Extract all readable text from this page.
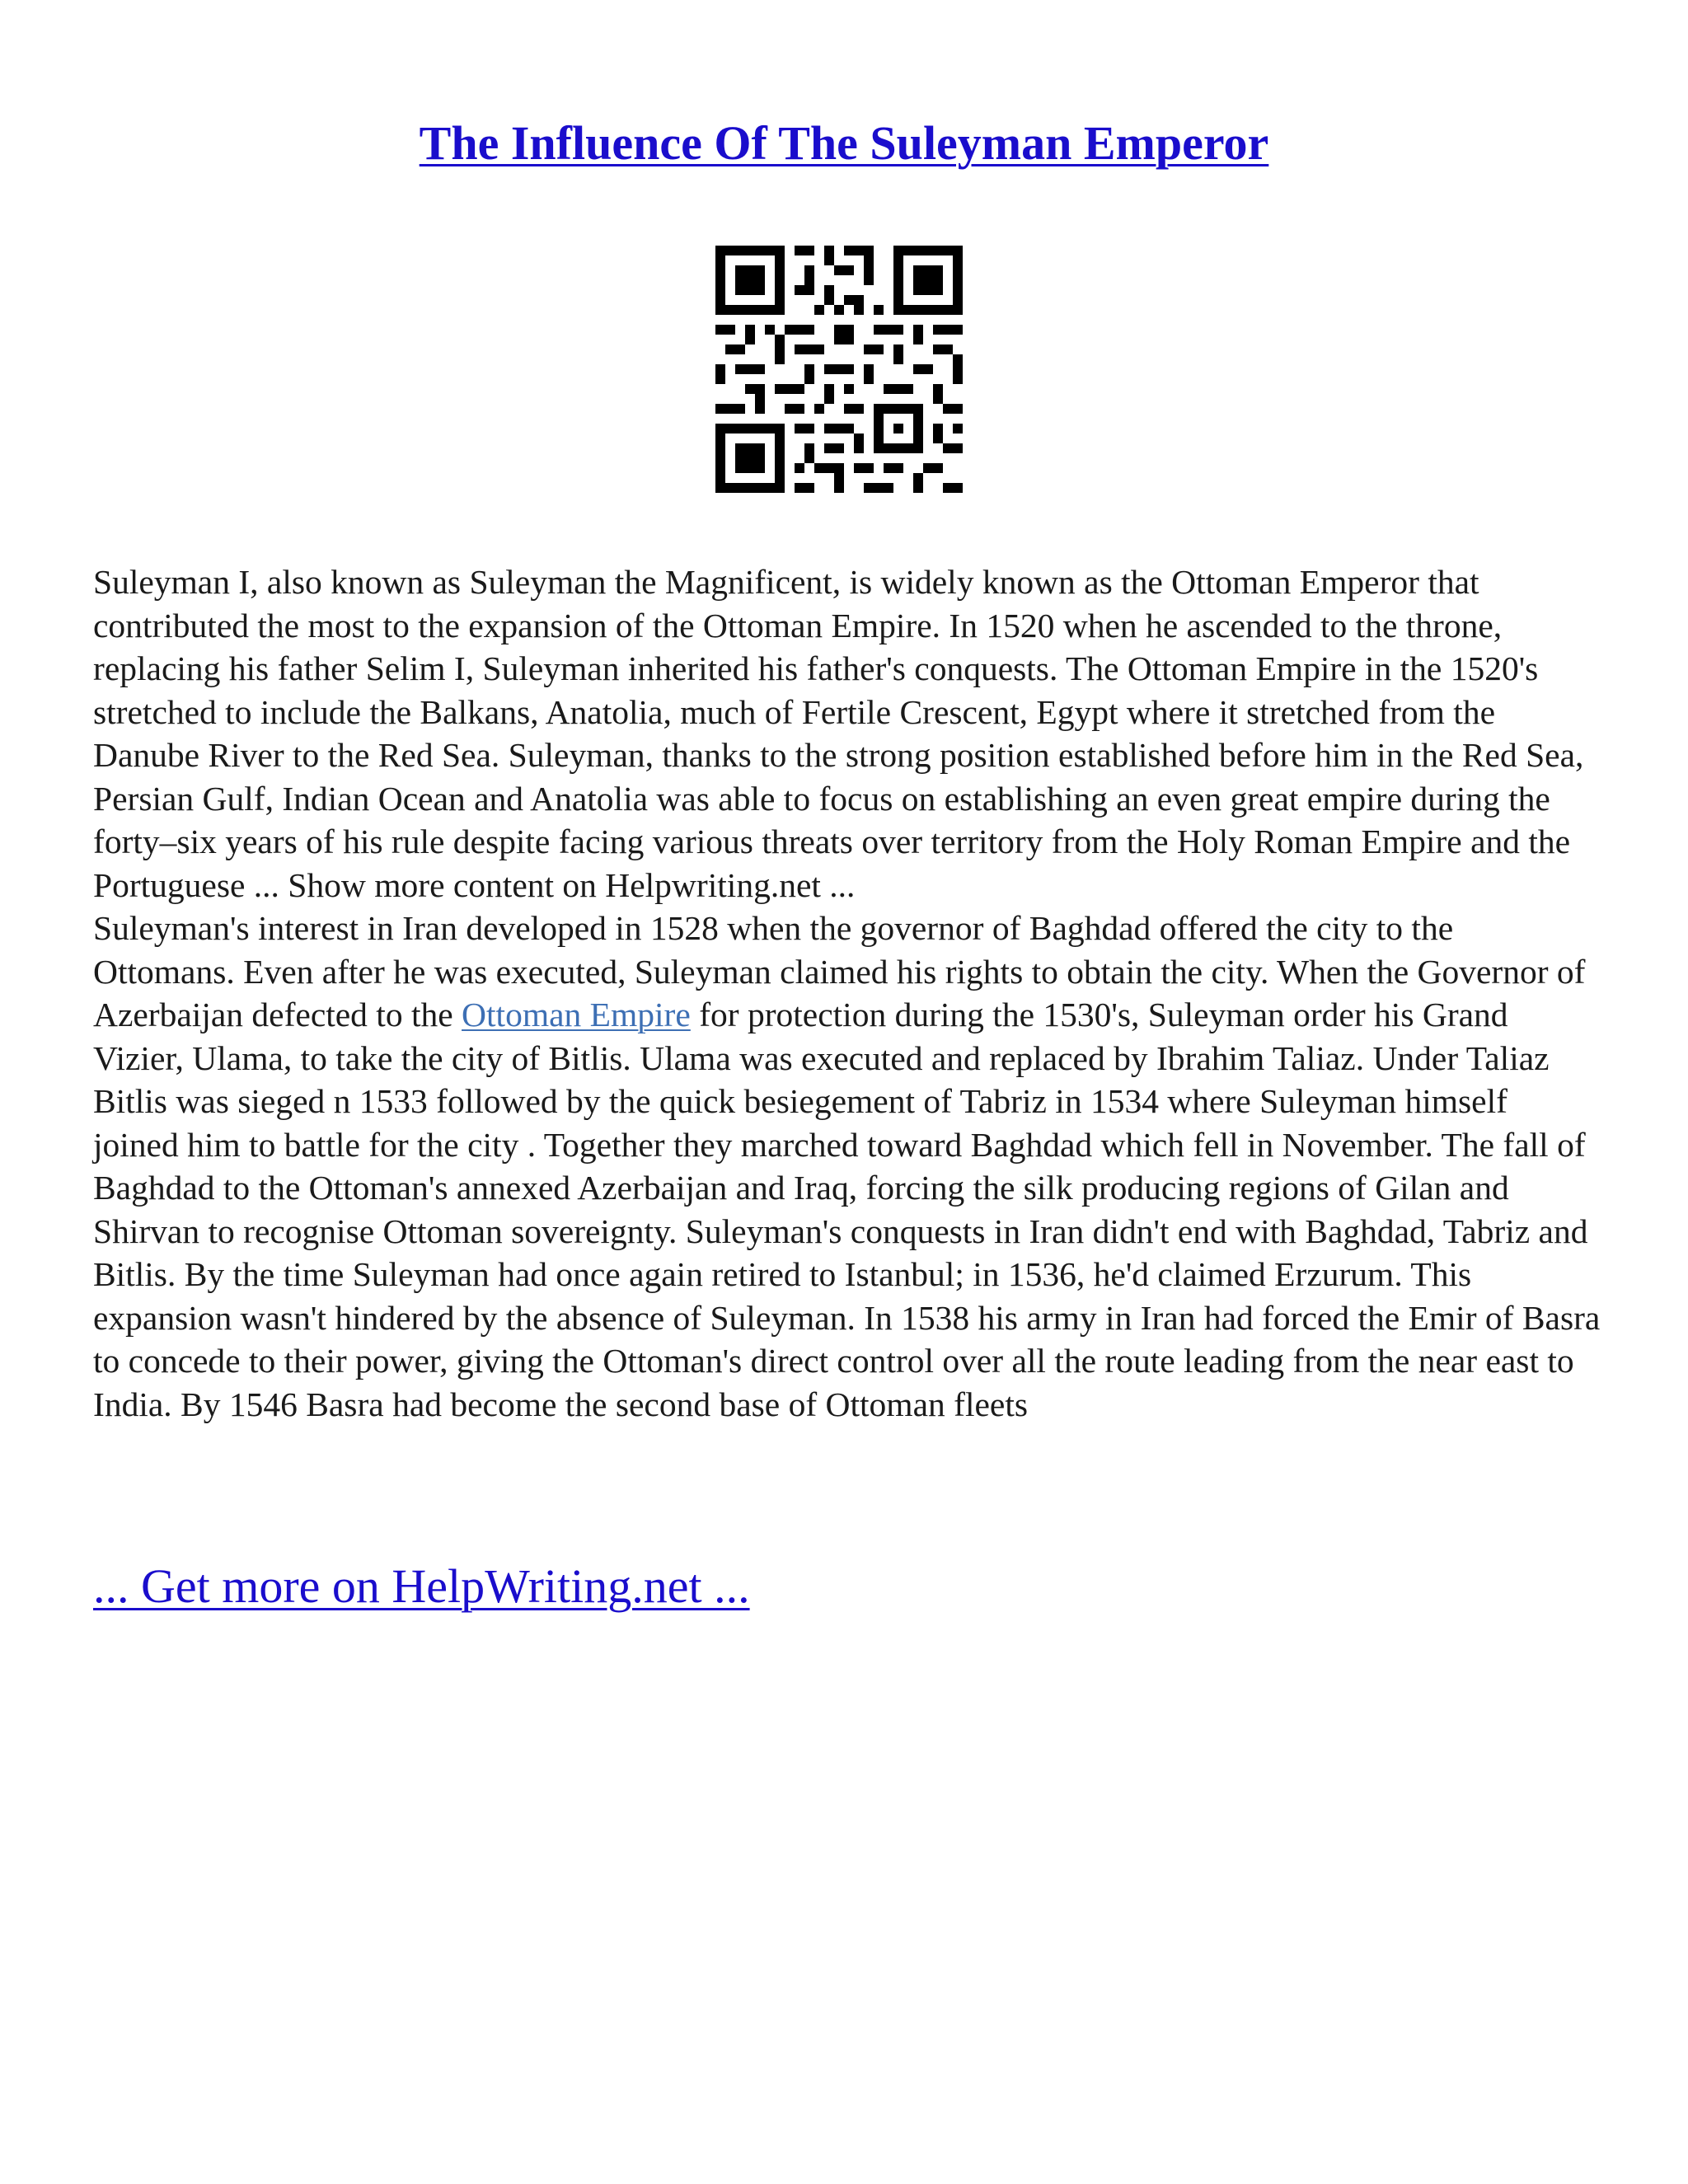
The Influence Of The Suleyman Emperor

Suleyman I, also known as Suleyman the Magnificent, is widely known as the Ottoman Emperor that contributed the most to the expansion of the Ottoman Empire. In 1520 when he ascended to the throne, replacing his father Selim I, Suleyman inherited his father's conquests. The Ottoman Empire in the 1520's stretched to include the Balkans, Anatolia, much of Fertile Crescent, Egypt where it stretched from the Danube River to the Red Sea. Suleyman, thanks to the strong position established before him in the Red Sea, Persian Gulf, Indian Ocean and Anatolia was able to focus on establishing an even great empire during the forty–six years of his rule despite facing various threats over territory from the Holy Roman Empire and the Portuguese ... Show more content on Helpwriting.net ...

Suleyman's interest in Iran developed in 1528 when the governor of Baghdad offered the city to the Ottomans. Even after he was executed, Suleyman claimed his rights to obtain the city. When the Governor of Azerbaijan defected to the Ottoman Empire for protection during the 1530's, Suleyman order his Grand Vizier, Ulama, to take the city of Bitlis. Ulama was executed and replaced by Ibrahim Taliaz. Under Taliaz Bitlis was sieged n 1533 followed by the quick besiegement of Tabriz in 1534 where Suleyman himself joined him to battle for the city . Together they marched toward Baghdad which fell in November. The fall of Baghdad to the Ottoman's annexed Azerbaijan and Iraq, forcing the silk producing regions of Gilan and Shirvan to recognise Ottoman sovereignty. Suleyman's conquests in Iran didn't end with Baghdad, Tabriz and Bitlis. By the time Suleyman had once again retired to Istanbul; in 1536, he'd claimed Erzurum. This expansion wasn't hindered by the absence of Suleyman. In 1538 his army in Iran had forced the Emir of Basra to concede to their power, giving the Ottoman's direct control over all the route leading from the near east to India. By 1546 Basra had become the second base of Ottoman fleets

... Get more on HelpWriting.net ...
